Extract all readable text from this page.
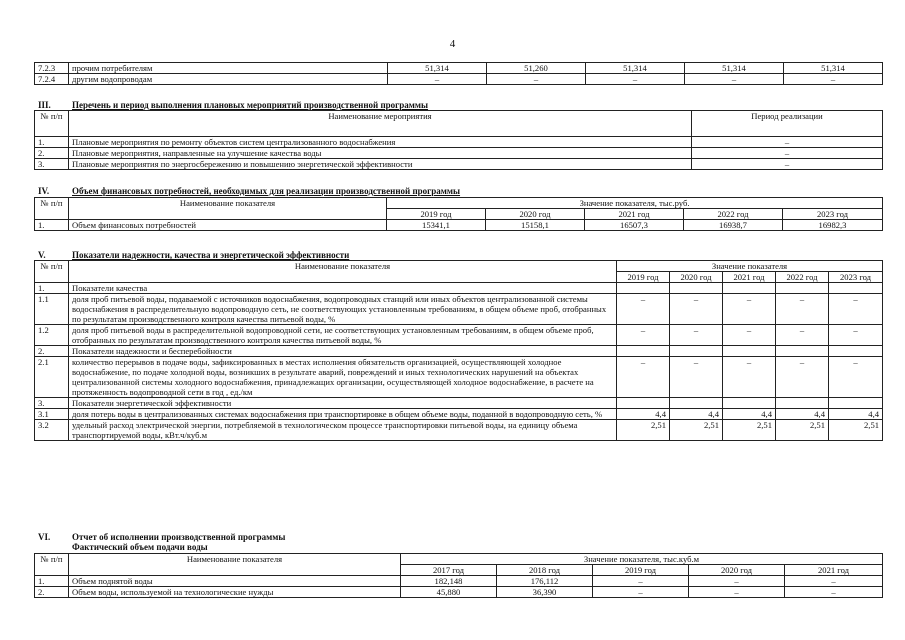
4
7.2.3	прочим потребителям	51,314	51,260	51,314	51,314	51,314
7.2.4	другим водопроводам	–	–	–	–	–
III. Перечень и период выполнения плановых мероприятий производственной программы
№ п/п	Наименование мероприятия	Период реализации
1.	Плановые мероприятия по ремонту объектов систем централизованного водоснабжения	–
2.	Плановые мероприятия, направленные на улучшение качества воды	–
3.	Плановые мероприятия по энергосбережению и повышению энергетической эффективности	–
IV.	Объем финансовых потребностей, необходимых для реализации производственной программы
№ п/п	Наименование показателя	Значение показателя, тыс.руб.				
		2019 год	2020 год	2021 год	2022 год	2023 год
1.	Объем финансовых потребностей	15341,1	15158,1	16507,3	16938,7	16982,3
V.	Показатели надежности, качества и энергетической эффективности
№ п/п	Наименование показателя	Значение показателя				
		2019 год	2020 год	2021 год	2022 год	2023 год
1.	Показатели качества					
1.1	доля проб питьевой воды, подаваемой с источников водоснабжения, водопроводных станций или иных объектов централизованной системы водоснабжения в распределительную водопроводную сеть, не соответствующих установленным требованиям, в общем объеме проб, отобранных по результатам производственного контроля качества питьевой воды, %	–	–	–	–	–
1.2	доля проб питьевой воды в распределительной водопроводной сети, не соответствующих установленным требованиям, в общем объеме проб, отобранных по результатам производственного контроля качества питьевой воды, %	–	–	–	–	–
2.	Показатели надежности и бесперебойности					
2.1	количество перерывов в подаче воды, зафиксированных в местах исполнения обязательств организацией, осуществляющей холодное водоснабжение, по подаче холодной воды, возникших в результате аварий, повреждений и иных технологических нарушений на объектах централизованной системы холодного водоснабжения, принадлежащих организации, осуществляющей холодное водоснабжение, в расчете на протяженность водопроводной сети в год , ед./км	–	–	–	–	–
3.	Показатели энергетической эффективности					
3.1	доля потерь воды в централизованных системах водоснабжения при транспортировке в общем объеме воды, поданной в водопроводную сеть, %	4,4	4,4	4,4	4,4	4,4
3.2	удельный расход электрической энергии, потребляемой в технологическом процессе транспортировки питьевой воды, на единицу объема транспортируемой воды, кВт.ч/куб.м	2,51	2,51	2,51	2,51	2,51
VI. Отчет об исполнении производственной программы
Фактический объем подачи воды
№ п/п	Наименование показателя	Значение показателя, тыс.куб.м				
		2017 год	2018 год	2019 год	2020 год	2021 год
1.	Объем поднятой воды	182,148	176,112	–	–	–
2.	Объем воды, используемой на технологические нужды	45,880	36,390	–	–	–
